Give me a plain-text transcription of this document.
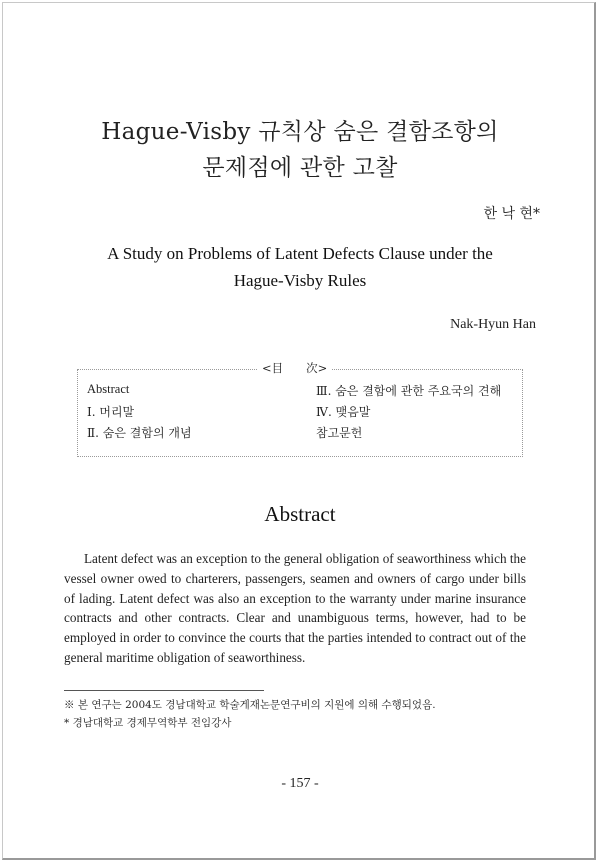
Hague-Visby 규칙상 숨은 결함조항의
문제점에 관한 고찰
한 낙 현*
A Study on Problems of Latent Defects Clause under the
Hague-Visby Rules
Nak-Hyun Han
<目　　次>
Abstract
Ⅰ. 머리말
Ⅱ. 숨은 결함의 개념
Ⅲ. 숨은 결함에 관한 주요국의 견해
Ⅳ. 맺음말
참고문헌
Abstract

Latent defect was an exception to the general obligation of seaworthiness which the vessel owner owed to charterers, passengers, seamen and owners of cargo under bills of lading. Latent defect was also an exception to the warranty under marine insurance contracts and other contracts. Clear and unambiguous terms, however, had to be employed in order to convince the courts that the parties intended to contract out of the general maritime obligation of seaworthiness.

※ 본 연구는 2004도 경남대학교 학술게재논문연구비의 지원에 의해 수행되었음.
* 경남대학교 경제무역학부 전임강사
- 157 -
